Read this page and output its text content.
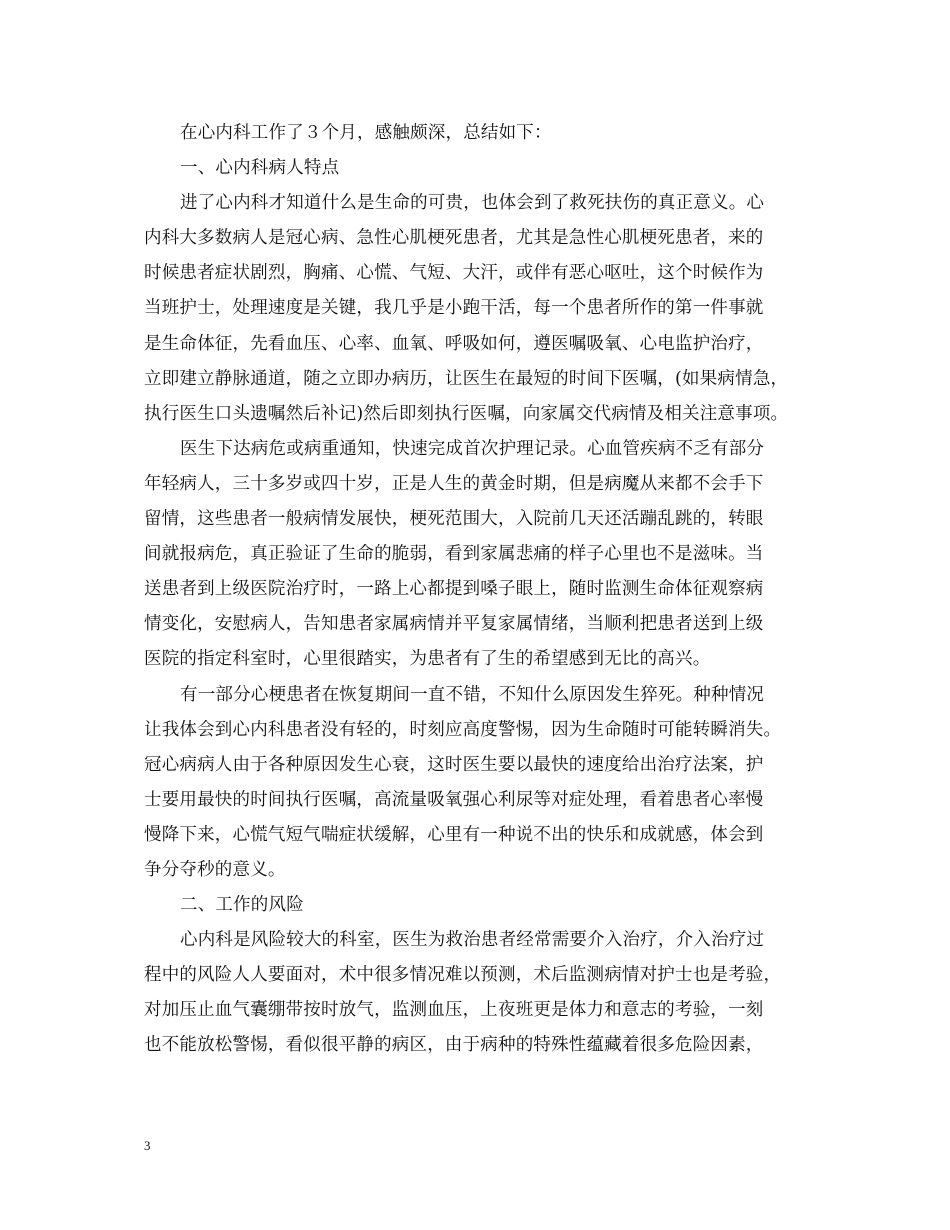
在心内科工作了３个月，感触颇深，总结如下：
一、心内科病人特点
进了心内科才知道什么是生命的可贵，也体会到了救死扶伤的真正意义。心
内科大多数病人是冠心病、急性心肌梗死患者，尤其是急性心肌梗死患者，来的
时候患者症状剧烈，胸痛、心慌、气短、大汗，或伴有恶心呕吐，这个时候作为
当班护士，处理速度是关键，我几乎是小跑干活，每一个患者所作的第一件事就
是生命体征，先看血压、心率、血氧、呼吸如何，遵医嘱吸氧、心电监护治疗，
立即建立静脉通道，随之立即办病历，让医生在最短的时间下医嘱，(如果病情急，
执行医生口头遗嘱然后补记)然后即刻执行医嘱，向家属交代病情及相关注意事项。
医生下达病危或病重通知，快速完成首次护理记录。心血管疾病不乏有部分
年轻病人，三十多岁或四十岁，正是人生的黄金时期，但是病魔从来都不会手下
留情，这些患者一般病情发展快，梗死范围大，入院前几天还活蹦乱跳的，转眼
间就报病危，真正验证了生命的脆弱，看到家属悲痛的样子心里也不是滋味。当
送患者到上级医院治疗时，一路上心都提到嗓子眼上，随时监测生命体征观察病
情变化，安慰病人，告知患者家属病情并平复家属情绪，当顺利把患者送到上级
医院的指定科室时，心里很踏实，为患者有了生的希望感到无比的高兴。
有一部分心梗患者在恢复期间一直不错，不知什么原因发生猝死。种种情况
让我体会到心内科患者没有轻的，时刻应高度警惕，因为生命随时可能转瞬消失。
冠心病病人由于各种原因发生心衰，这时医生要以最快的速度给出治疗法案，护
士要用最快的时间执行医嘱，高流量吸氧强心利尿等对症处理，看着患者心率慢
慢降下来，心慌气短气喘症状缓解，心里有一种说不出的快乐和成就感，体会到
争分夺秒的意义。
二、工作的风险
心内科是风险较大的科室，医生为救治患者经常需要介入治疗，介入治疗过
程中的风险人人要面对，术中很多情况难以预测，术后监测病情对护士也是考验，
对加压止血气囊绷带按时放气，监测血压，上夜班更是体力和意志的考验，一刻
也不能放松警惕，看似很平静的病区，由于病种的特殊性蕴藏着很多危险因素，
3
